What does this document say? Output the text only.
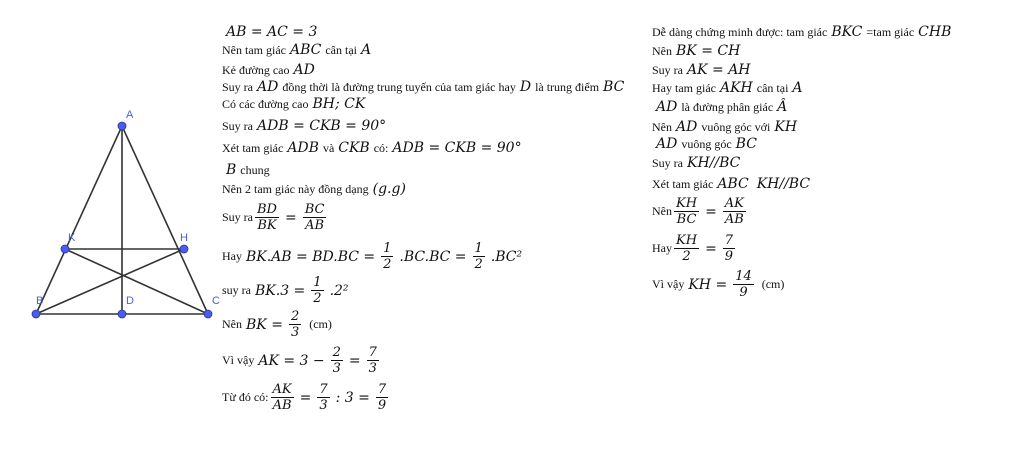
A
B	C
D
K	H
AB = AC = 3
Nên tam giác ABC cân tại A
Kẻ đường cao AD
Suy ra AD đồng thời là đường trung tuyến của tam giác hay D là trung điểm BC
Có các đường cao BH; CK
Suy ra ADB = CKB = 90°
Xét tam giác ADB và CKB có: ADB = CKB = 90°
B chung
Nên 2 tam giác này đồng dạng (g.g)
Suy ra $\frac{BD}{BK} = \frac{BC}{AB}$
Hay $BK.AB = BD.BC = \frac{1}{2} .BC.BC = \frac{1}{2} .BC^2$
suy ra $BK.3 = \frac{1}{2} .2^2$
Nên BK = $\frac{2}{3} (cm)$
Vì vậy AK = $3 - \frac{2}{3} = \frac{7}{3}$
Từ đó có: $\frac{AK}{AB} = \frac{7}{3}$ : $3 = \frac{7}{9}$
Dễ dàng chứng minh được: tam giác BKC =tam giác CHB
Nên BK = CH
Suy ra AK = AH
Hay tam giác AKH cân tại A
AD là đường phân giác Â
Nên AD vuông góc với KH
AD vuông góc BC
Suy ra KH//BC
Xét tam giác ABC KH//BC
Nên $\frac{KH}{BC} = \frac{AK}{AB}$
Hay $\frac{KH}{2} = \frac{7}{9}$
Vì vậy KH = $\frac{14}{9} (cm)$
